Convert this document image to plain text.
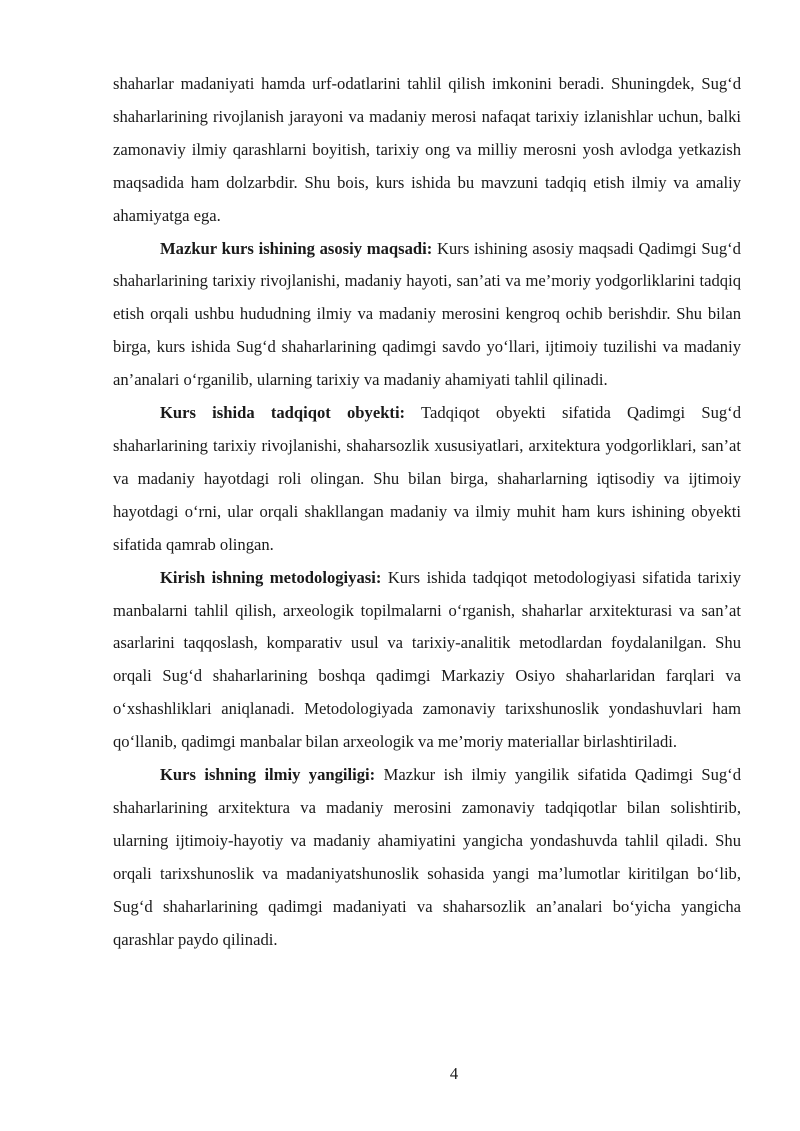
shaharlar madaniyati hamda urf-odatlarini tahlil qilish imkonini beradi. Shuningdek, Sug‘d shaharlarining rivojlanish jarayoni va madaniy merosi nafaqat tarixiy izlanishlar uchun, balki zamonaviy ilmiy qarashlarni boyitish, tarixiy ong va milliy merosni yosh avlodga yetkazish maqsadida ham dolzarbdir. Shu bois, kurs ishida bu mavzuni tadqiq etish ilmiy va amaliy ahamiyatga ega.

Mazkur kurs ishining asosiy maqsadi: Kurs ishining asosiy maqsadi Qadimgi Sug‘d shaharlarining tarixiy rivojlanishi, madaniy hayoti, san’ati va me’moriy yodgorliklarini tadqiq etish orqali ushbu hududning ilmiy va madaniy merosini kengroq ochib berishdir. Shu bilan birga, kurs ishida Sug‘d shaharlarining qadimgi savdo yo‘llari, ijtimoiy tuzilishi va madaniy an’analari o‘rganilib, ularning tarixiy va madaniy ahamiyati tahlil qilinadi.

Kurs ishida tadqiqot obyekti: Tadqiqot obyekti sifatida Qadimgi Sug‘d shaharlarining tarixiy rivojlanishi, shaharsozlik xususiyatlari, arxitektura yodgorliklari, san’at va madaniy hayotdagi roli olingan. Shu bilan birga, shaharlarning iqtisodiy va ijtimoiy hayotdagi o‘rni, ular orqali shakllangan madaniy va ilmiy muhit ham kurs ishining obyekti sifatida qamrab olingan.

Kirish ishning metodologiyasi: Kurs ishida tadqiqot metodologiyasi sifatida tarixiy manbalarni tahlil qilish, arxeologik topilmalarni o‘rganish, shaharlar arxitekturasi va san’at asarlarini taqqoslash, komparativ usul va tarixiy-analitik metodlardan foydalanilgan. Shu orqali Sug‘d shaharlarining boshqa qadimgi Markaziy Osiyo shaharlaridan farqlari va o‘xshashliklari aniqlanadi. Metodologiyada zamonaviy tarixshunoslik yondashuvlari ham qo‘llanib, qadimgi manbalar bilan arxeologik va me’moriy materiallar birlashtiriladi.

Kurs ishning ilmiy yangiligi: Mazkur ish ilmiy yangilik sifatida Qadimgi Sug‘d shaharlarining arxitektura va madaniy merosini zamonaviy tadqiqotlar bilan solishtirib, ularning ijtimoiy-hayotiy va madaniy ahamiyatini yangicha yondashuvda tahlil qiladi. Shu orqali tarixshunoslik va madaniyatshunoslik sohasida yangi ma’lumotlar kiritilgan bo‘lib, Sug‘d shaharlarining qadimgi madaniyati va shaharsozlik an’analari bo‘yicha yangicha qarashlar paydo qilinadi.

4
